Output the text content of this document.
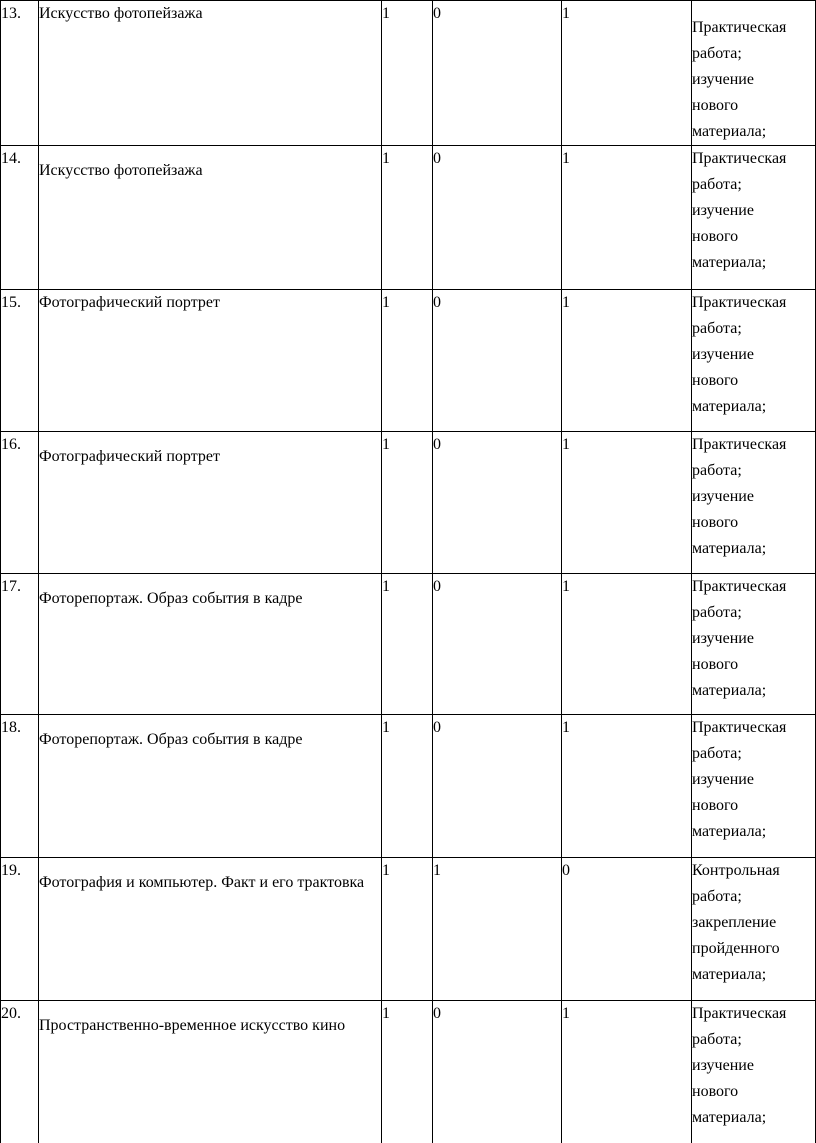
13.	Искусство фотопейзажа	1	0	1	Практическая
работа;
изучение
нового
материала;

14.	Искусство фотопейзажа	1	0	1	Практическая
работа;
изучение
нового
материала;

15.	Фотографический портрет	1	0	1	Практическая
работа;
изучение
нового
материала;

16.	Фотографический портрет	1	0	1	Практическая
работа;
изучение
нового
материала;

17.	Фоторепортаж. Образ события в кадре	1	0	1	Практическая
работа;
изучение
нового
материала;

18.	Фоторепортаж. Образ события в кадре	1	0	1	Практическая
работа;
изучение
нового
материала;

19.	Фотография и компьютер. Факт и его трактовка	1	1	0	Контрольная
работа;
закрепление
пройденного
материала;

20.	Пространственно-временное искусство кино	1	0	1	Практическая
работа;
изучение
нового
материала;
